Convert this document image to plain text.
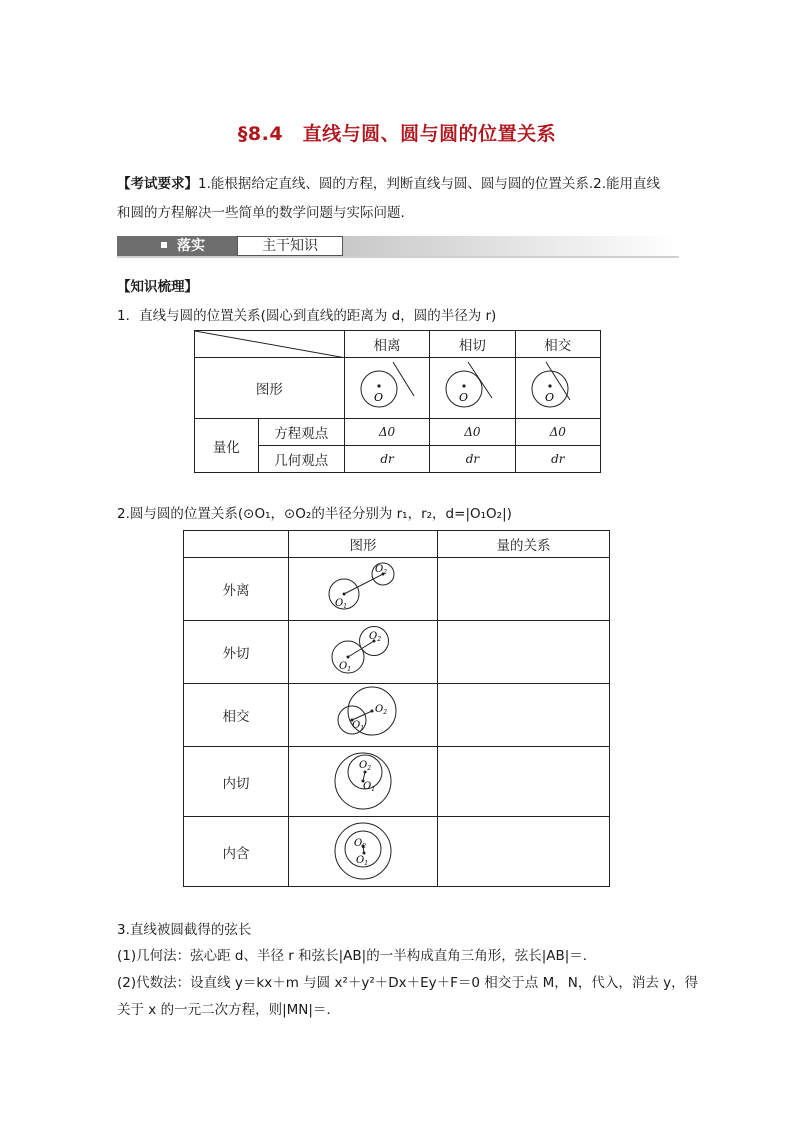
§8.4　直线与圆、圆与圆的位置关系
【考试要求】1.能根据给定直线、圆的方程，判断直线与圆、圆与圆的位置关系.2.能用直线
和圆的方程解决一些简单的数学问题与实际问题.
落实	主干知识
【知识梳理】
1．直线与圆的位置关系(圆心到直线的距离为 d，圆的半径为 r)
	相离	相切	相交
图形		O	O	O

量化	方程观点	Δ0	Δ0	Δ0
	几何观点	dr	dr	dr
2.圆与圆的位置关系(⊙O₁，⊙O₂的半径分别为 r₁，r₂，d=|O₁O₂|)
	图形	量的关系
外离	$O_1$
$O_2$

外切	$O_1$
$O_2$

相交	$O_1$
$O_2$

内切	$O_2$
$O_1$

内含	$O_2$
$O_1$

3.直线被圆截得的弦长
(1)几何法：弦心距 d、半径 r 和弦长|AB|的一半构成直角三角形，弦长|AB|＝.
(2)代数法：设直线 y＝kx＋m 与圆 x²＋y²＋Dx＋Ey＋F＝0 相交于点 M，N，代入，消去 y，得
关于 x 的一元二次方程，则|MN|＝.
